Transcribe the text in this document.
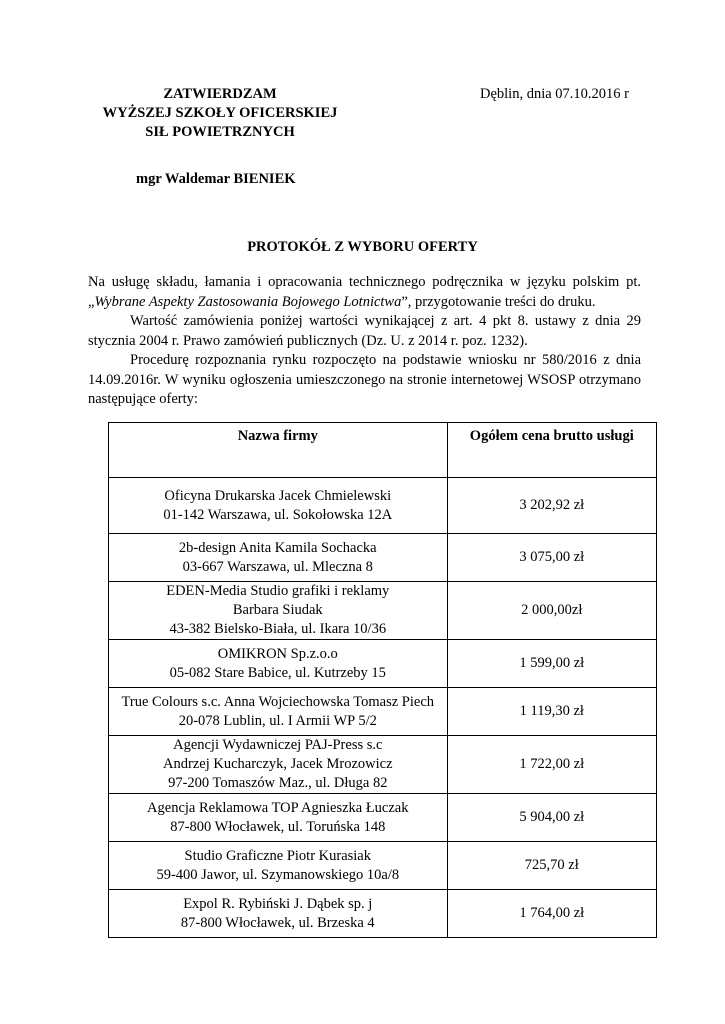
ZATWIERDZAM
WYŻSZEJ SZKOŁY OFICERSKIEJ
SIŁ POWIETRZNYCH
Dęblin, dnia 07.10.2016 r
mgr Waldemar BIENIEK
PROTOKÓŁ Z WYBORU OFERTY

Na usługę składu, łamania i opracowania technicznego podręcznika w języku polskim pt. „Wybrane Aspekty Zastosowania Bojowego Lotnictwa”, przygotowanie treści do druku.

Wartość zamówienia poniżej wartości wynikającej z art. 4 pkt 8. ustawy z dnia 29 stycznia 2004 r. Prawo zamówień publicznych (Dz. U. z 2014 r. poz. 1232).

Procedurę rozpoznania rynku rozpoczęto na podstawie wniosku nr 580/2016 z dnia 14.09.2016r. W wyniku ogłoszenia umieszczonego na stronie internetowej WSOSP otrzymano następujące oferty:

Nazwa firmy	Ogółem cena brutto usługi

Oficyna Drukarska Jacek Chmielewski
01-142 Warszawa, ul. Sokołowska 12A	3 202,92 zł

2b-design Anita Kamila Sochacka
03-667 Warszawa, ul. Mleczna 8	3 075,00 zł

EDEN-Media Studio grafiki i reklamy
Barbara Siudak
43-382 Bielsko-Biała, ul. Ikara 10/36	2 000,00zł

OMIKRON Sp.z.o.o
05-082 Stare Babice, ul. Kutrzeby 15	1 599,00 zł

True Colours s.c. Anna Wojciechowska Tomasz Piech
20-078 Lublin, ul. I Armii WP 5/2	1 119,30 zł

Agencji Wydawniczej PAJ-Press s.c
Andrzej Kucharczyk, Jacek Mrozowicz
97-200 Tomaszów Maz., ul. Długa 82	1 722,00 zł

Agencja Reklamowa TOP Agnieszka Łuczak
87-800 Włocławek, ul. Toruńska 148	5 904,00 zł

Studio Graficzne Piotr Kurasiak
59-400 Jawor, ul. Szymanowskiego 10a/8	725,70 zł

Expol R. Rybiński J. Dąbek sp. j
87-800 Włocławek, ul. Brzeska 4	1 764,00 zł
